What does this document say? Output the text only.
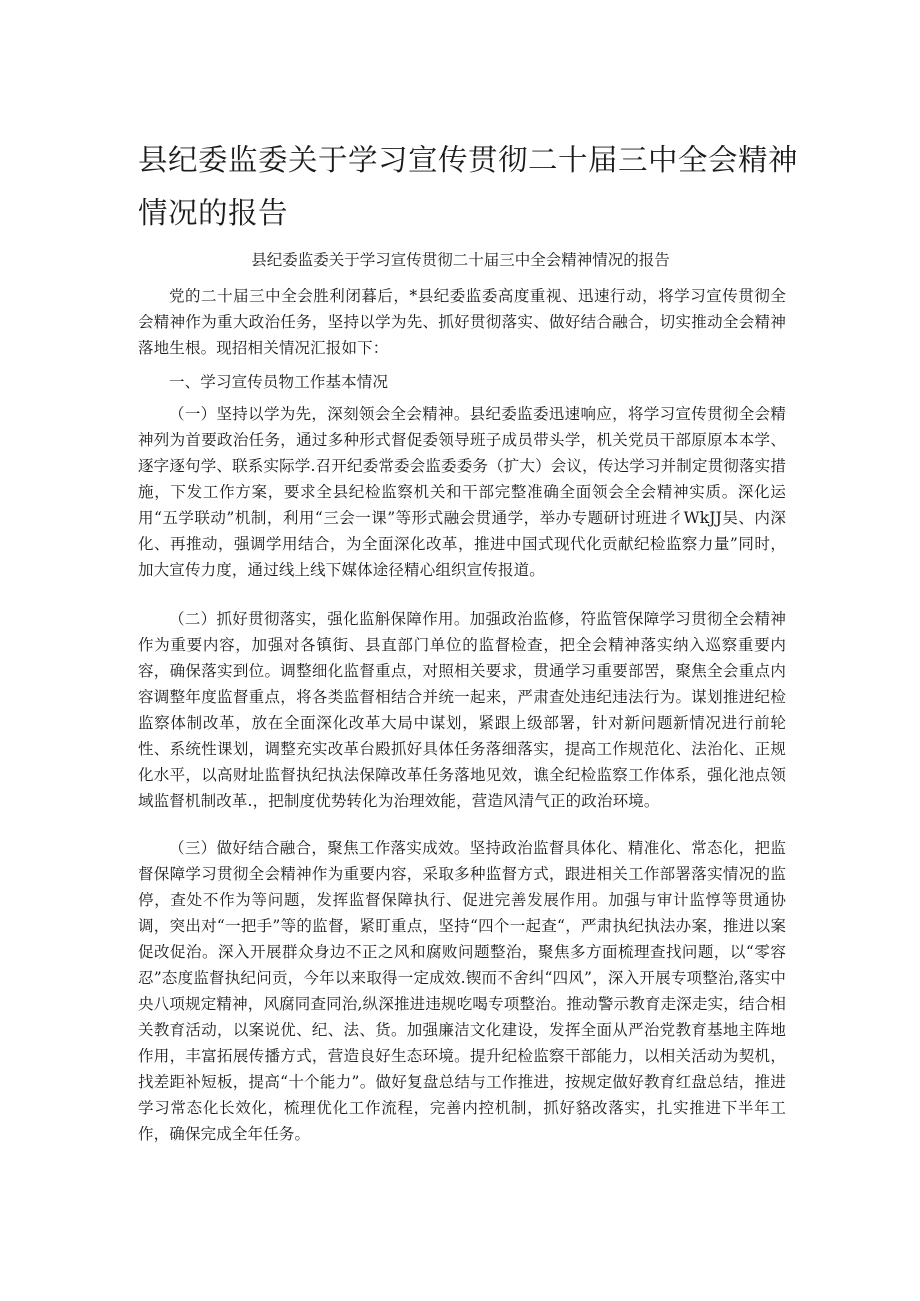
县纪委监委关于学习宣传贯彻二十届三中全会精神
情况的报告
县纪委监委关于学习宣传贯彻二十届三中全会精神情况的报告

党的二十届三中全会胜利闭暮后，*县纪委监委高度重视、迅速行动，将学习宣传贯彻全会精神作为重大政治任务，坚持以学为先、抓好贯彻落实、做好结合融合，切实推动全会精神落地生根。现招相关情况汇报如下：

一、学习宣传员物工作基本情况

（一）坚持以学为先，深刻领会全会精神。县纪委监委迅速响应，将学习宣传贯彻全会精神列为首要政治任务，通过多种形式督促委领导班子成员带头学，机关党员干部原原本本学、逐字逐句学、联系实际学.召开纪委常委会监委委务（扩大）会议，传达学习并制定贯彻落实措施，下发工作方案，要求全县纪检监察机关和干部完整准确全面领会全会精神实质。深化运用“五学联动”机制，利用“三会一课”等形式融会贯通学，举办专题研讨班进彳WkJJ吴、内深化、再推动，强调学用结合，为全面深化改革，推进中国式现代化贡献纪检监察力量”同时，加大宣传力度，通过线上线下媒体途径精心组织宣传报道。

（二）抓好贯彻落实，强化监斛保障作用。加强政治监修，符监管保障学习贯彻全会精神作为重要内容，加强对各镇街、县直部门单位的监督检查，把全会精神落实纳入巡察重要内容，确保落实到位。调整细化监督重点，对照相关要求，贯通学习重要部罟，聚焦全会重点内容调整年度监督重点，将各类监督相结合并统一起来，严肃查处违纪违法行为。谋划推进纪检监察体制改革，放在全面深化改革大局中谋划，紧跟上级部署，针对新问题新情况进行前轮性、系统性课划，调整充实改革台殿抓好具体任务落细落实，提高工作规范化、法治化、正规化水平，以高财址监督执纪执法保障改革任务落地见效，谯全纪检监察工作体系，强化池点领域监督机制改革.，把制度优势转化为治理效能，营造风清气正的政治环境。

（三）做好结合融合，聚焦工作落实成效。坚持政治监督具体化、精准化、常态化，把监督保障学习贯彻全会精神作为重要内容，采取多种监督方式，跟进相关工作部署落实情况的监停，查处不作为等问题，发挥监督保障执行、促进完善发展作用。加强与审计监惇等贯通协调，突出对“一把手”等的监督，紧盯重点，坚持“四个一起查“，严肃执纪执法办案，推进以案促改促治。深入开展群众身边不正之风和腐败问题整治，聚焦多方面梳理查找问题，以“零容忍”态度监督执纪问贡，今年以来取得一定成效.锲而不舍纠“四风”，深入开展专项整治,落实中央八项规定精神，风腐同查同治,纵深推进违规吃喝专项整治。推动警示教育走深走实，结合相关教育活动，以案说优、纪、法、货。加强廉洁文化建设，发挥全面从严治党教育基地主阵地作用，丰富拓展传播方式，营造良好生态环境。提升纪检监察干部能力，以相关活动为契机，找差距补短板，提高“十个能力”。做好复盘总结与工作推进，按规定做好教育红盘总结，推进学习常态化长效化，梳理优化工作流程，完善内控机制，抓好貉改落实，扎实推进下半年工作，确保完成全年任务。
